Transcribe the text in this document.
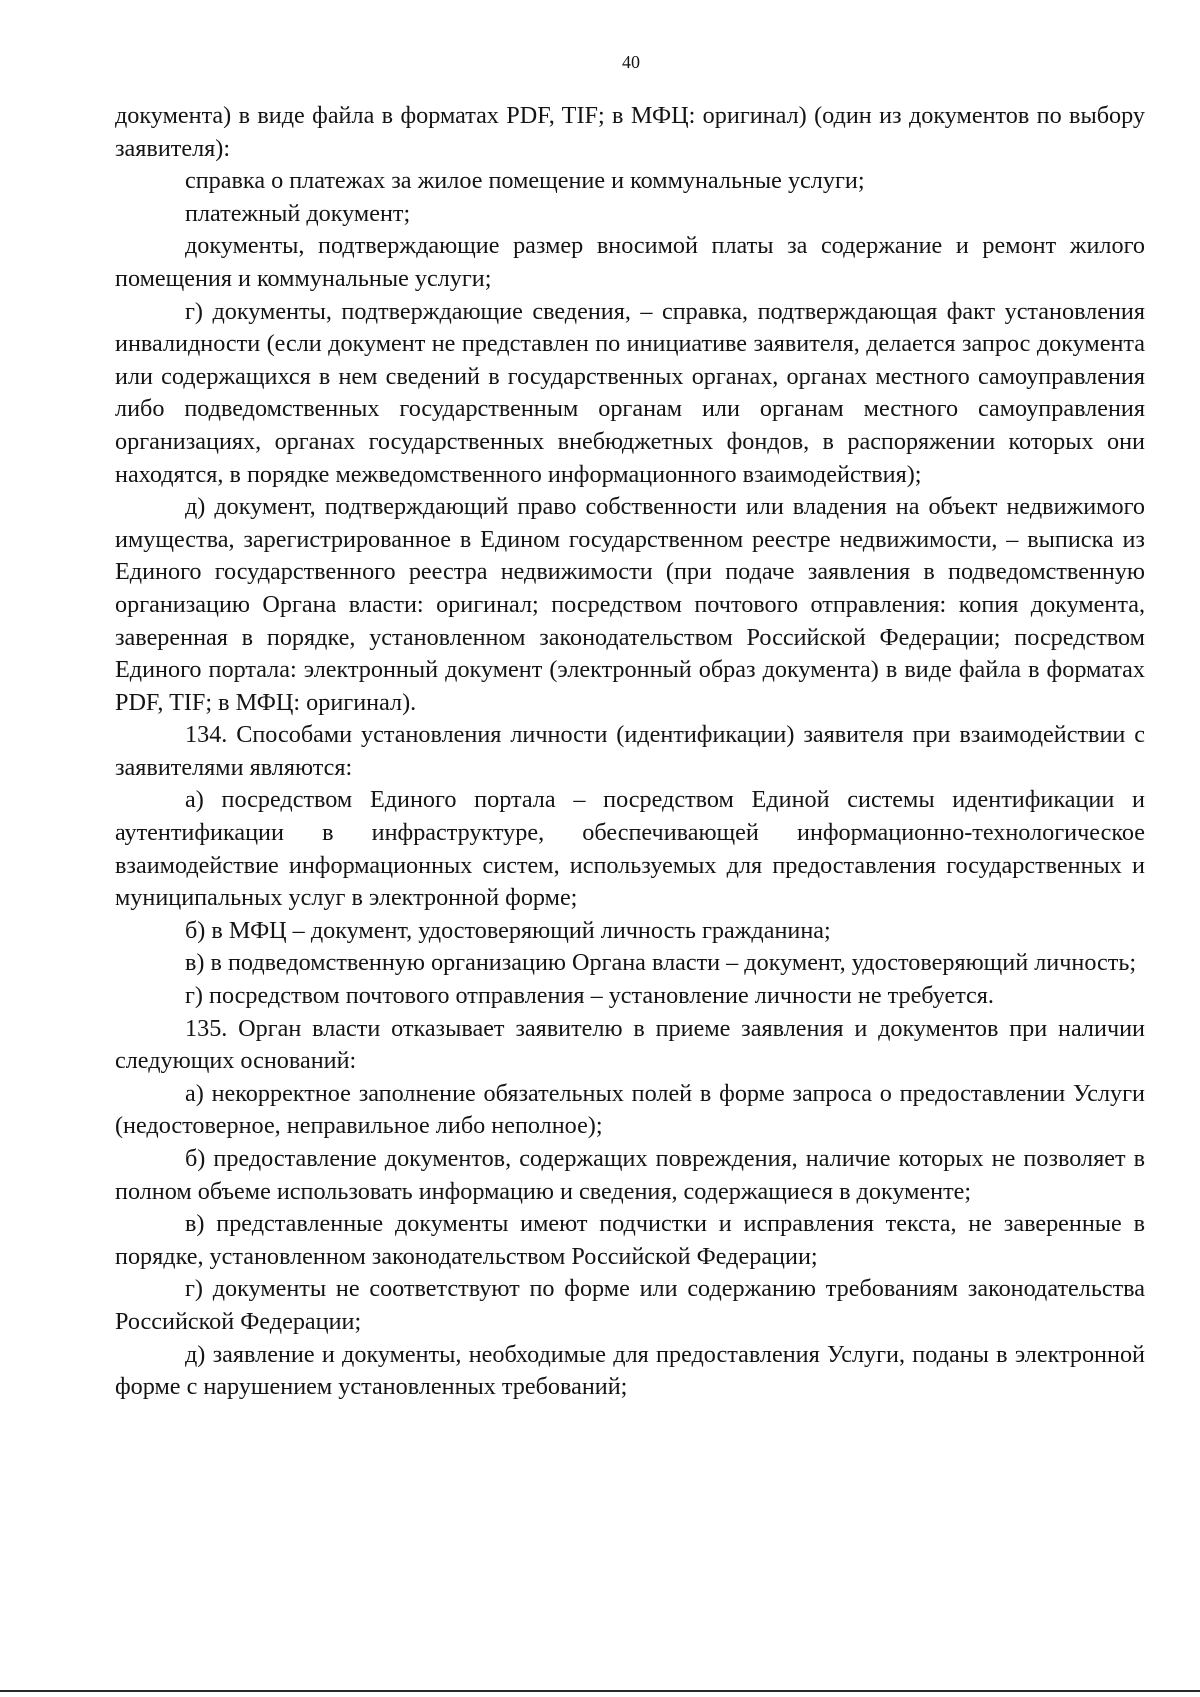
40

документа) в виде файла в форматах PDF, TIF; в МФЦ: оригинал) (один из документов по выбору заявителя):

справка о платежах за жилое помещение и коммунальные услуги;

платежный документ;

документы, подтверждающие размер вносимой платы за содержание и ремонт жилого помещения и коммунальные услуги;

г) документы, подтверждающие сведения, – справка, подтверждающая факт установления инвалидности (если документ не представлен по инициативе заявителя, делается запрос документа или содержащихся в нем сведений в государственных органах, органах местного самоуправления либо подведомственных государственным органам или органам местного самоуправления организациях, органах государственных внебюджетных фондов, в распоряжении которых они находятся, в порядке межведомственного информационного взаимодействия);

д) документ, подтверждающий право собственности или владения на объект недвижимого имущества, зарегистрированное в Едином государственном реестре недвижимости, – выписка из Единого государственного реестра недвижимости (при подаче заявления в подведомственную организацию Органа власти: оригинал; посредством почтового отправления: копия документа, заверенная в порядке, установленном законодательством Российской Федерации; посредством Единого портала: электронный документ (электронный образ документа) в виде файла в форматах PDF, TIF; в МФЦ: оригинал).

134. Способами установления личности (идентификации) заявителя при взаимодействии с заявителями являются:

а) посредством Единого портала – посредством Единой системы идентификации и аутентификации в инфраструктуре, обеспечивающей информационно-технологическое взаимодействие информационных систем, используемых для предоставления государственных и муниципальных услуг в электронной форме;

б) в МФЦ – документ, удостоверяющий личность гражданина;

в) в подведомственную организацию Органа власти – документ, удостоверяющий личность;

г) посредством почтового отправления – установление личности не требуется.

135. Орган власти отказывает заявителю в приеме заявления и документов при наличии следующих оснований:

а) некорректное заполнение обязательных полей в форме запроса о предоставлении Услуги (недостоверное, неправильное либо неполное);

б) предоставление документов, содержащих повреждения, наличие которых не позволяет в полном объеме использовать информацию и сведения, содержащиеся в документе;

в) представленные документы имеют подчистки и исправления текста, не заверенные в порядке, установленном законодательством Российской Федерации;

г) документы не соответствуют по форме или содержанию требованиям законодательства Российской Федерации;

д) заявление и документы, необходимые для предоставления Услуги, поданы в электронной форме с нарушением установленных требований;
